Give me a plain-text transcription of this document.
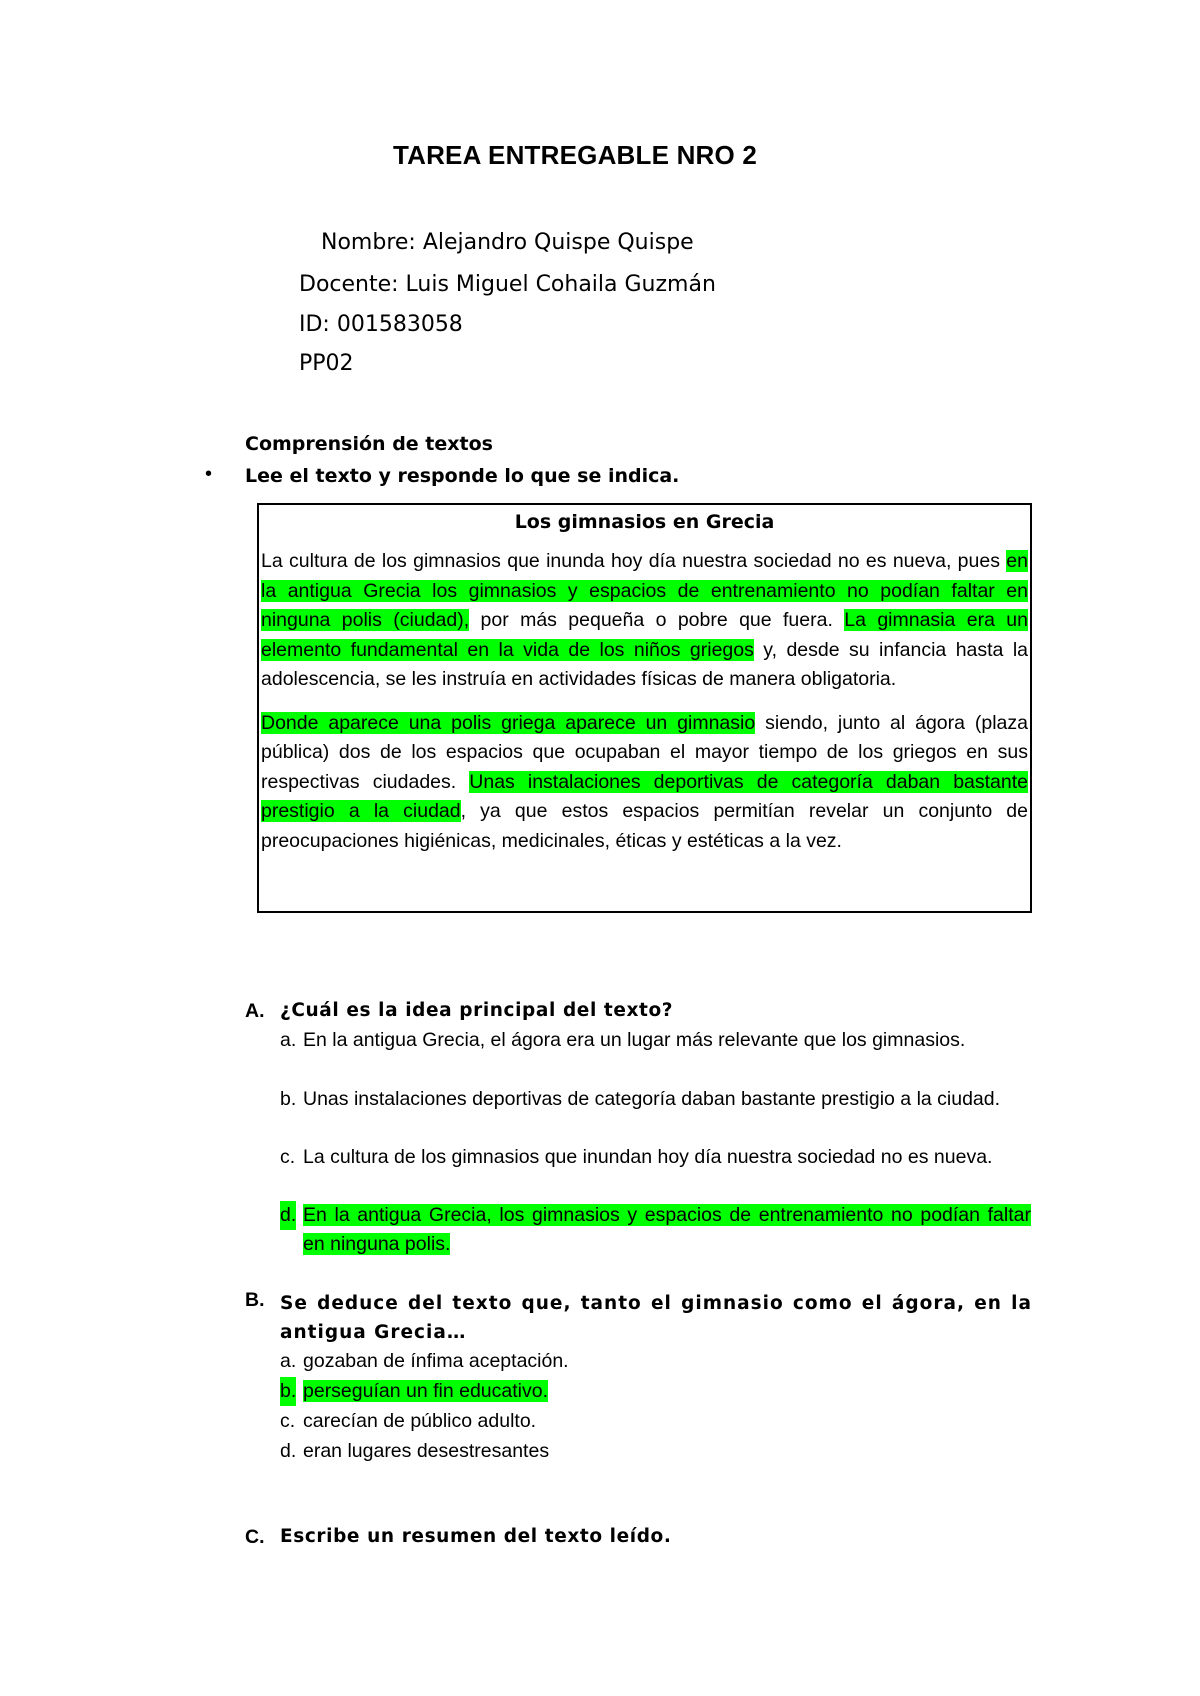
TAREA ENTREGABLE NRO 2
Nombre: Alejandro Quispe Quispe
Docente: Luis Miguel Cohaila Guzmán
ID: 001583058
PP02
Comprensión de textos
• Lee el texto y responde lo que se indica.
Los gimnasios en Grecia
La cultura de los gimnasios que inunda hoy día nuestra sociedad no es nueva, pues en la antigua Grecia los gimnasios y espacios de entrenamiento no podían faltar en ninguna polis (ciudad), por más pequeña o pobre que fuera. La gimnasia era un elemento fundamental en la vida de los niños griegos y, desde su infancia hasta la adolescencia, se les instruía en actividades físicas de manera obligatoria.
Donde aparece una polis griega aparece un gimnasio siendo, junto al ágora (plaza pública) dos de los espacios que ocupaban el mayor tiempo de los griegos en sus respectivas ciudades. Unas instalaciones deportivas de categoría daban bastante prestigio a la ciudad, ya que estos espacios permitían revelar un conjunto de preocupaciones higiénicas, medicinales, éticas y estéticas a la vez.
A. ¿Cuál es la idea principal del texto?
a. En la antigua Grecia, el ágora era un lugar más relevante que los gimnasios.
b. Unas instalaciones deportivas de categoría daban bastante prestigio a la ciudad.
c. La cultura de los gimnasios que inundan hoy día nuestra sociedad no es nueva.
d. En la antigua Grecia, los gimnasios y espacios de entrenamiento no podían faltar en ninguna polis.
B. Se deduce del texto que, tanto el gimnasio como el ágora, en la antigua Grecia…
a. gozaban de ínfima aceptación.
b. perseguían un fin educativo.
c. carecían de público adulto.
d. eran lugares desestresantes
C. Escribe un resumen del texto leído.
